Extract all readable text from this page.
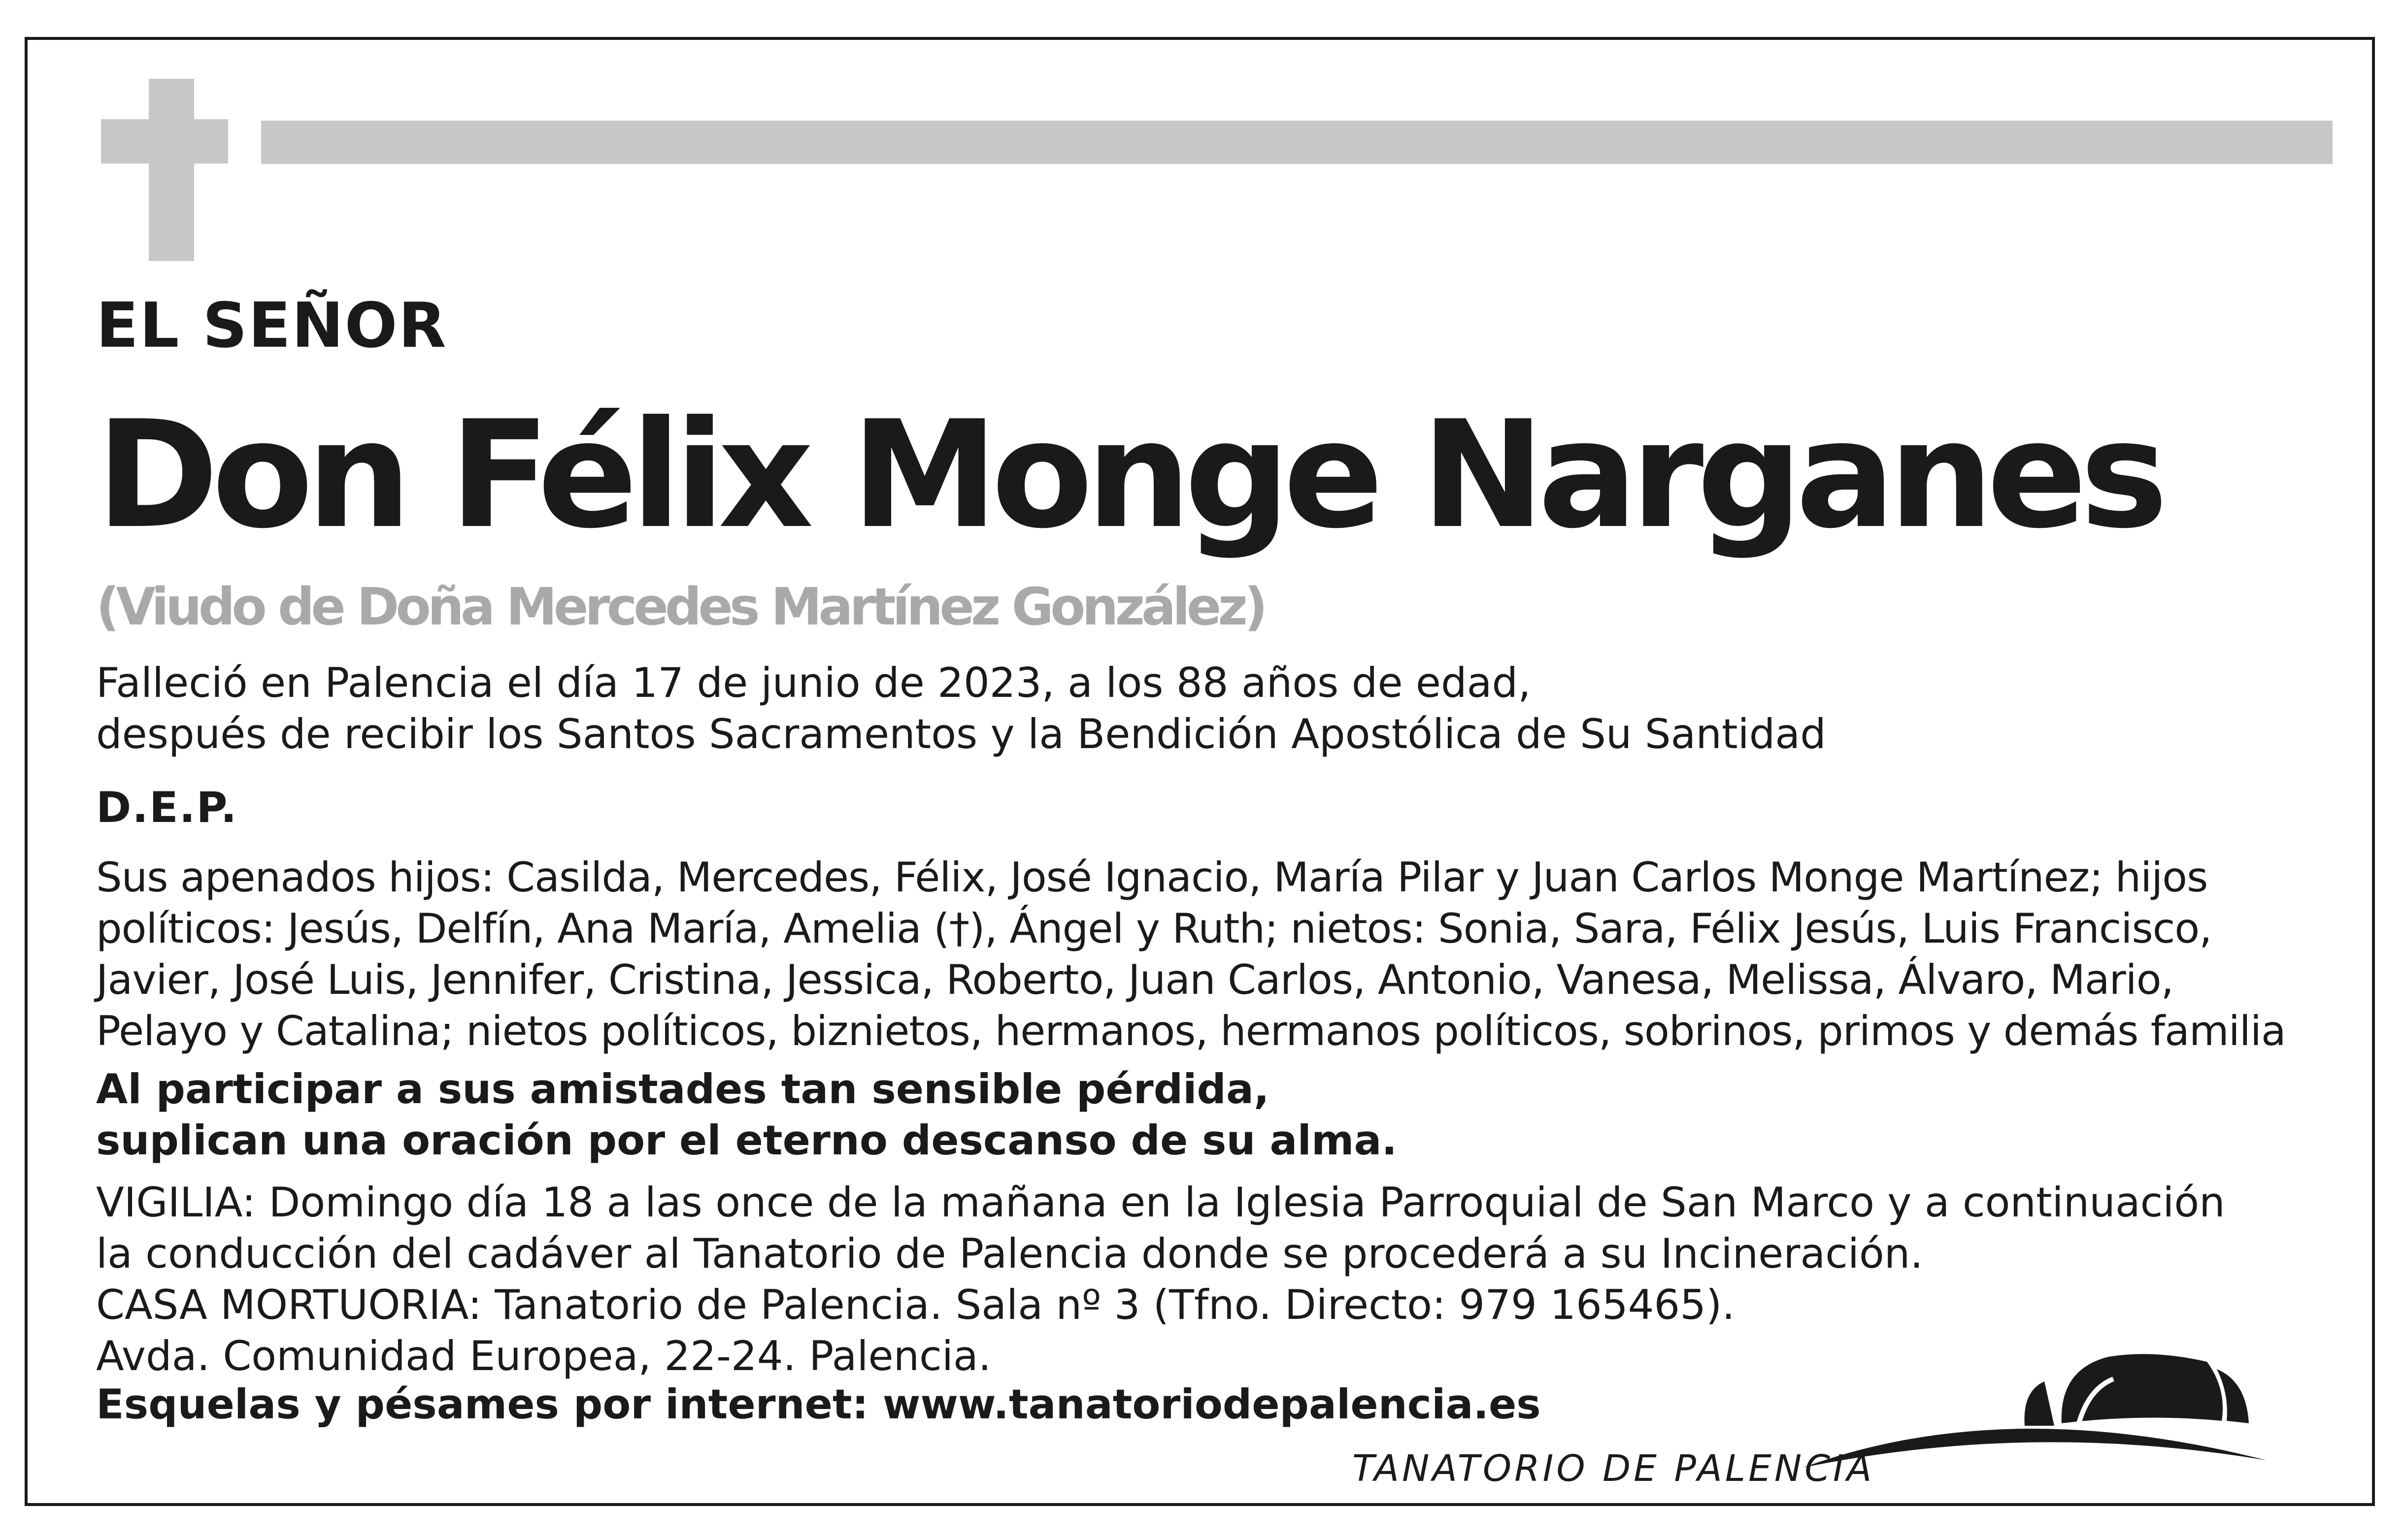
EL SEÑOR
Don Félix Monge Narganes
(Viudo de Doña Mercedes Martínez González)
Falleció en Palencia el día 17 de junio de 2023, a los 88 años de edad,
después de recibir los Santos Sacramentos y la Bendición Apostólica de Su Santidad
D.E.P.
Sus apenados hijos: Casilda, Mercedes, Félix, José Ignacio, María Pilar y Juan Carlos Monge Martínez; hijos
políticos: Jesús, Delfín, Ana María, Amelia (†), Ángel y Ruth; nietos: Sonia, Sara, Félix Jesús, Luis Francisco,
Javier, José Luis, Jennifer, Cristina, Jessica, Roberto, Juan Carlos, Antonio, Vanesa, Melissa, Álvaro, Mario,
Pelayo y Catalina; nietos políticos, biznietos, hermanos, hermanos políticos, sobrinos, primos y demás familia
Al participar a sus amistades tan sensible pérdida,
suplican una oración por el eterno descanso de su alma.
VIGILIA: Domingo día 18 a las once de la mañana en la Iglesia Parroquial de San Marco y a continuación
la conducción del cadáver al Tanatorio de Palencia donde se procederá a su Incineración.
CASA MORTUORIA: Tanatorio de Palencia. Sala nº 3 (Tfno. Directo: 979 165465).
Avda. Comunidad Europea, 22-24. Palencia.
Esquelas y pésames por internet: www.tanatoriodepalencia.es
TANATORIO DE PALENCIA
